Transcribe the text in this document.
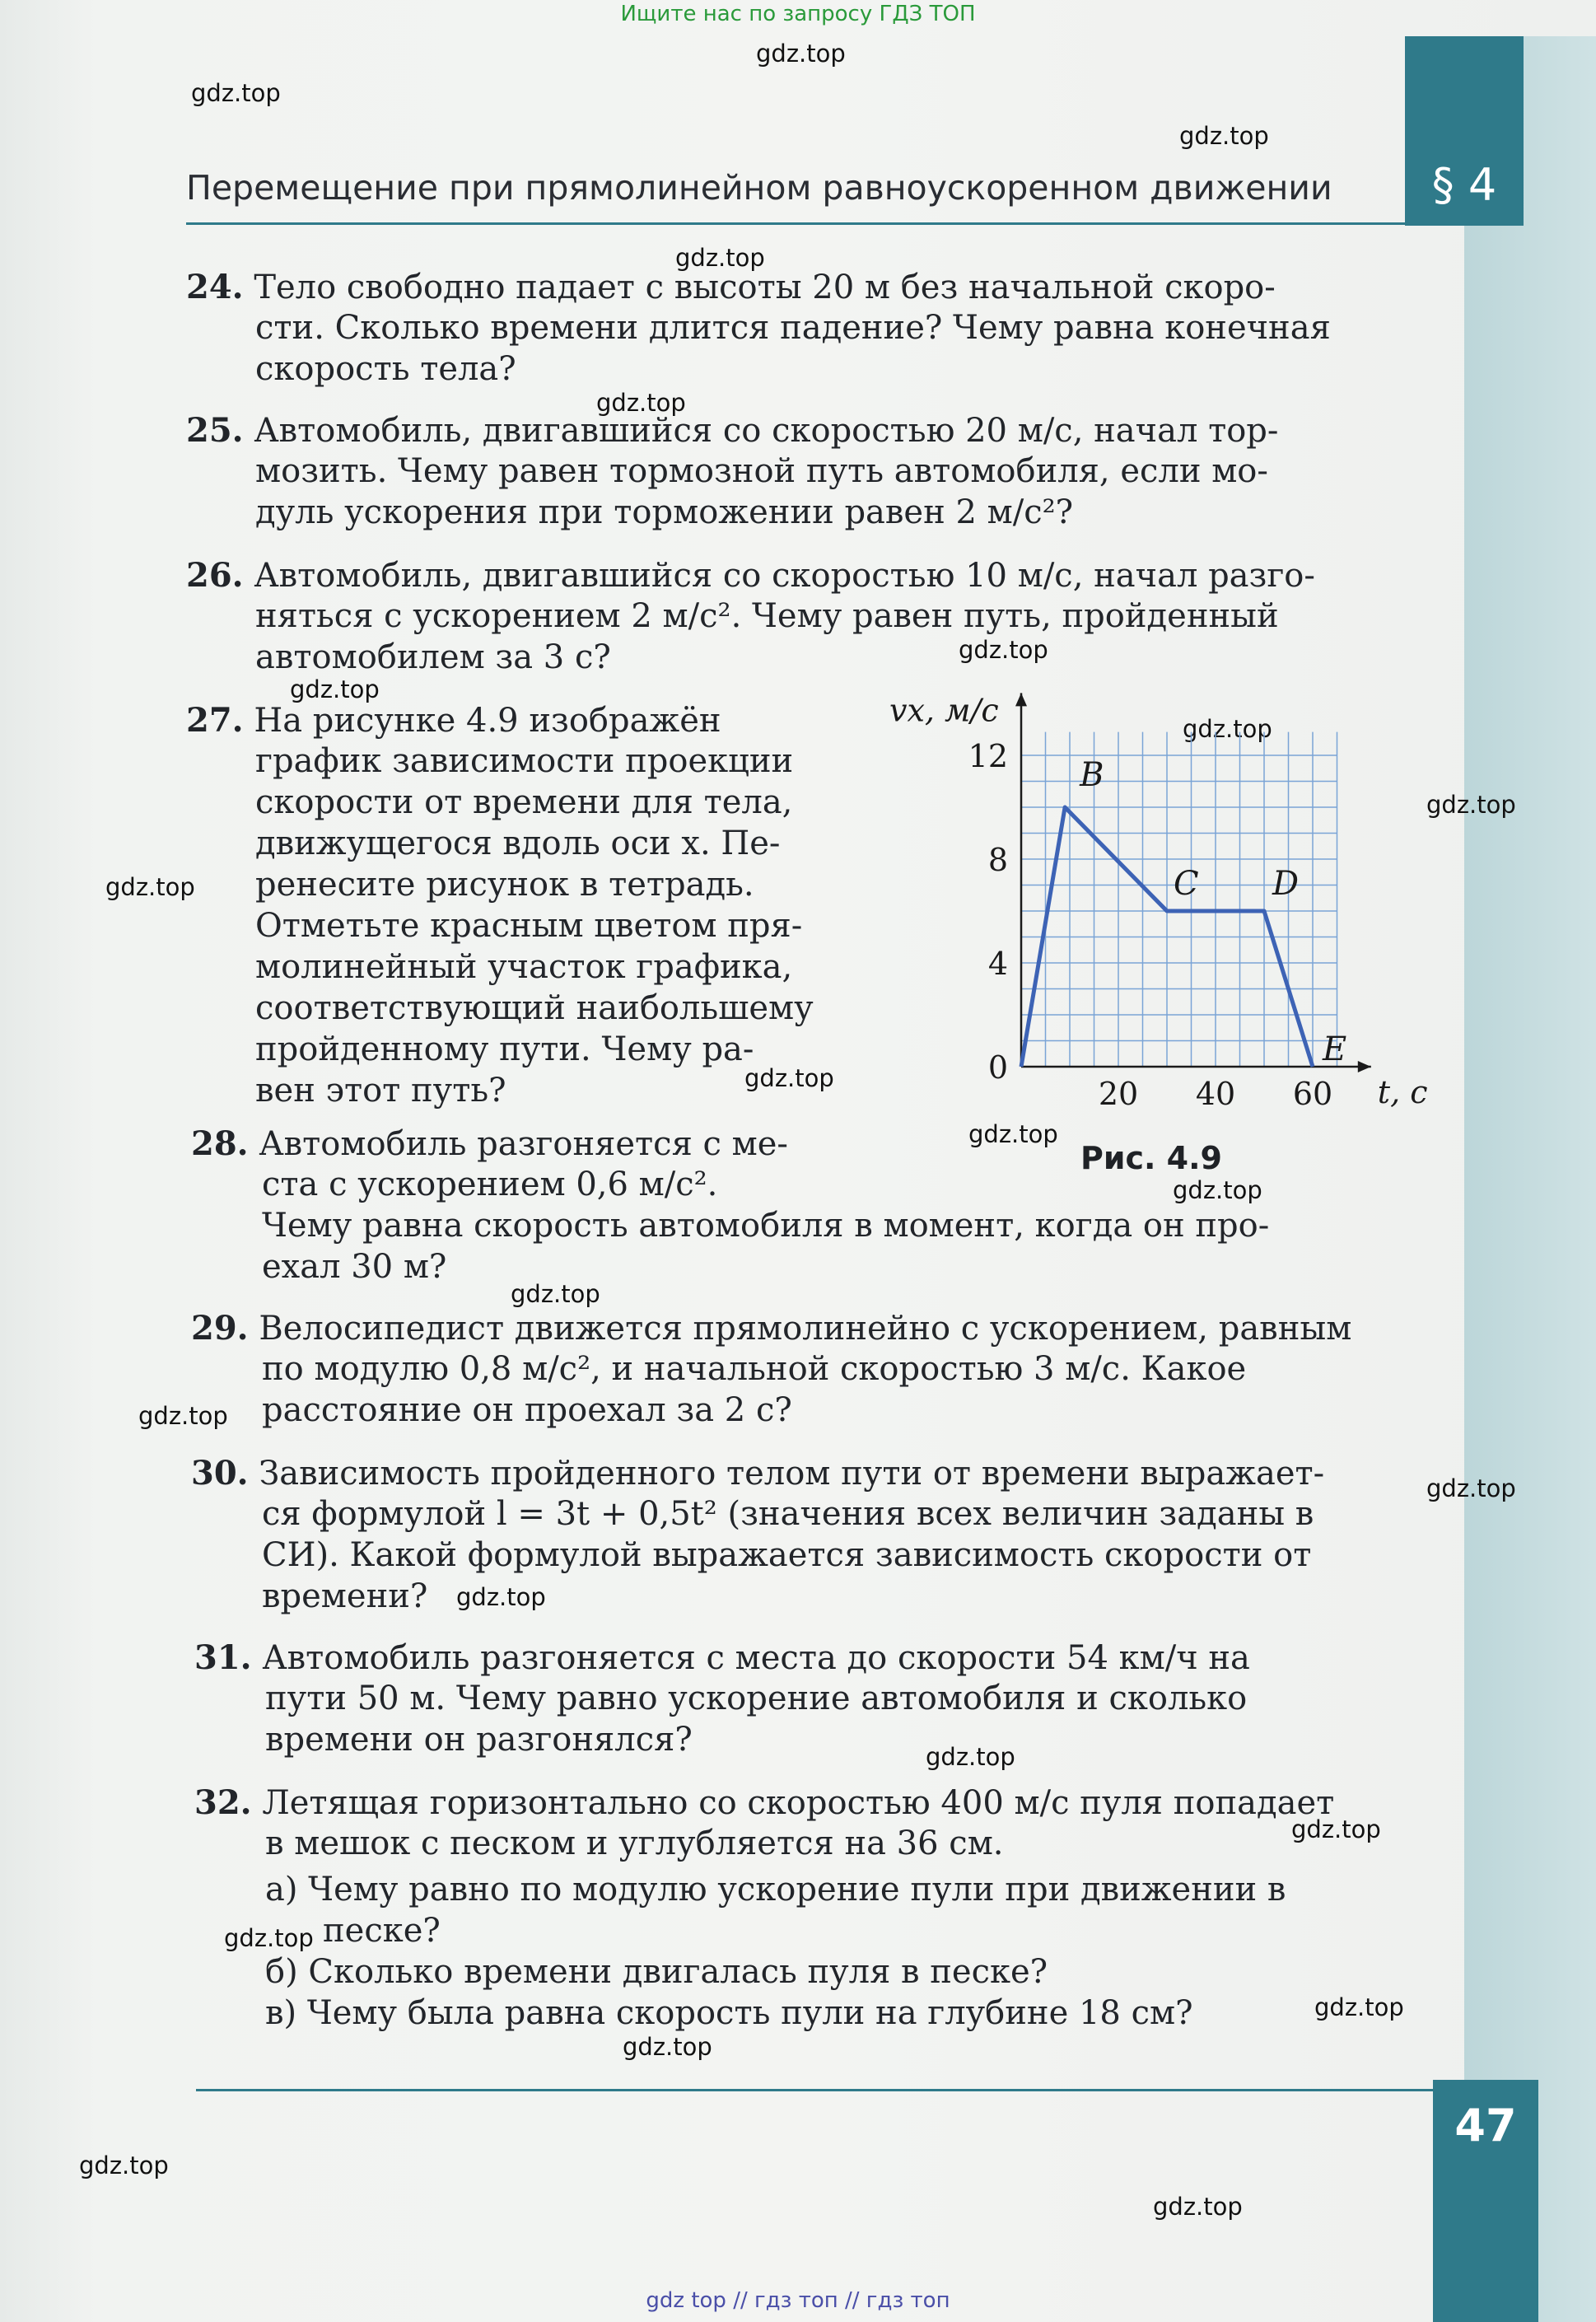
Ищите нас по запросу ГДЗ ТОП
§ 4
Перемещение при прямолинейном равноускоренном движении
gdz.top
gdz.top
gdz.top
gdz.top
gdz.top
gdz.top
gdz.top
gdz.top
gdz.top
gdz.top
gdz.top
gdz.top
gdz.top
gdz.top
gdz.top
gdz.top
gdz.top
gdz.top
gdz.top
gdz.top
gdz.top
gdz.top
gdz.top
gdz.top
24. Тело свободно падает с высоты 20 м без начальной скоро-
сти. Сколько времени длится падение? Чему равна конечная
скорость тела?
25. Автомобиль, двигавшийся со скоростью 20 м/с, начал тор-
мозить. Чему равен тормозной путь автомобиля, если мо-
дуль ускорения при торможении равен 2 м/с²?
26. Автомобиль, двигавшийся со скоростью 10 м/с, начал разго-
няться с ускорением 2 м/с². Чему равен путь, пройденный
автомобилем за 3 с?
27. На рисунке 4.9 изображён
график зависимости проекции
скорости от времени для тела,
движущегося вдоль оси x. Пе-
ренесите рисунок в тетрадь.
Отметьте красным цветом пря-
молинейный участок графика,
соответствующий наибольшему
пройденному пути. Чему ра-
вен этот путь?
vx, м/c
t, c
0
4
8
12
20 40 60
B
C D
E
Рис. 4.9
28. Автомобиль разгоняется с ме-
ста с ускорением 0,6 м/с².
Чему равна скорость автомобиля в момент, когда он про-
ехал 30 м?
29. Велосипедист движется прямолинейно с ускорением, равным
по модулю 0,8 м/с², и начальной скоростью 3 м/с. Какое
расстояние он проехал за 2 с?
30. Зависимость пройденного телом пути от времени выражает-
ся формулой l = 3t + 0,5t² (значения всех величин заданы в
СИ). Какой формулой выражается зависимость скорости от
времени?
31. Автомобиль разгоняется с места до скорости 54 км/ч на
пути 50 м. Чему равно ускорение автомобиля и сколько
времени он разгонялся?
32. Летящая горизонтально со скоростью 400 м/с пуля попадает
в мешок с песком и углубляется на 36 см.
а) Чему равно по модулю ускорение пули при движении в
песке?
б) Сколько времени двигалась пуля в песке?
в) Чему была равна скорость пули на глубине 18 см?
47
gdz top // гдз топ // гдз топ
